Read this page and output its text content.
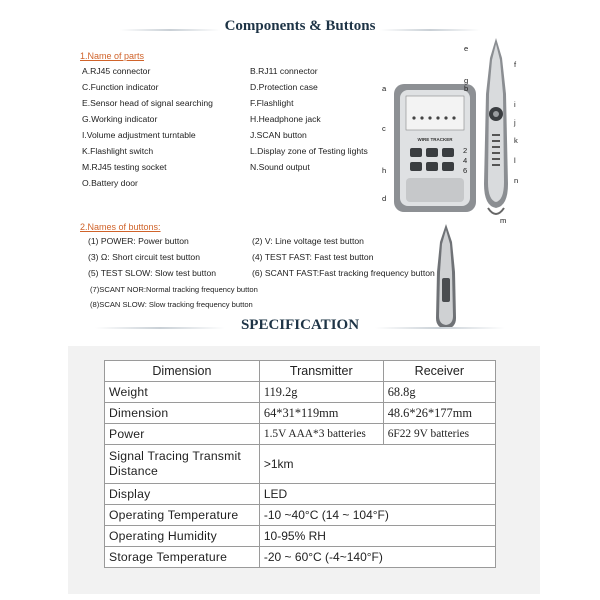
Components & Buttons
1.Name of parts
A.RJ45 connector	B.RJ11 connector
C.Function indicator	D.Protection case
E.Sensor head of signal searching	F.Flashlight
G.Working indicator	H.Headphone jack
I.Volume adjustment turntable	J.SCAN button
K.Flashlight switch	L.Display zone of Testing lights
M.RJ45 testing socket	N.Sound output
O.Battery door
2.Names of buttons:
(1) POWER: Power button	(2) V: Line voltage test button
(3) Ω: Short circuit test button	(4) TEST FAST: Fast test button
(5) TEST SLOW: Slow test button	(6) SCANT FAST:Fast tracking frequency button
(7)SCANT NOR:Normal tracking frequency button
(8)SCAN SLOW: Slow tracking frequency button
WIRE TRACKER
a
c
h
d
b
2
4
6
e
f
g
i
j
k
l
n
m
SPECIFICATION
Dimension	Transmitter	Receiver
Weight	119.2g	68.8g
Dimension	64*31*119mm	48.6*26*177mm
Power	1.5V AAA*3 batteries	6F22 9V batteries
Signal Tracing Transmit Distance	>1km	
Display	LED	
Operating Temperature	-10 ~40°C (14 ~ 104°F)	
Operating Humidity	10-95% RH	
Storage Temperature	-20 ~ 60°C (-4~140°F)	
